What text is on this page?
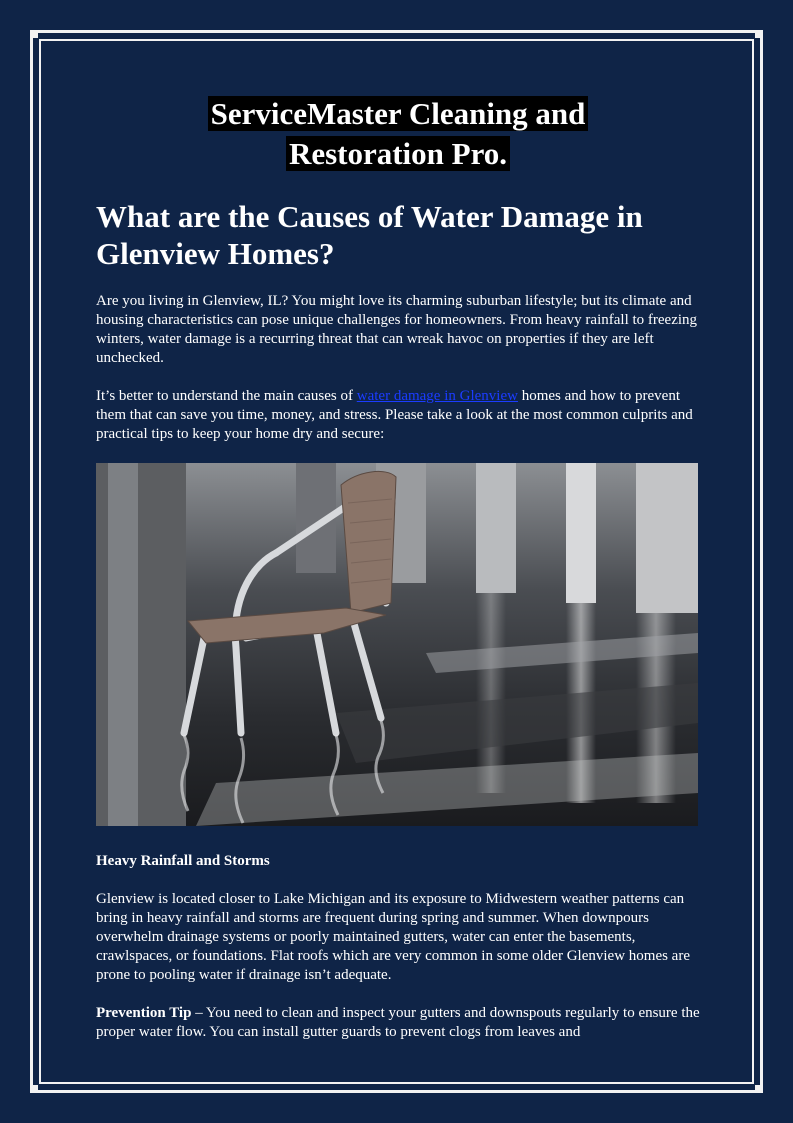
ServiceMaster Cleaning and
Restoration Pro.
What are the Causes of Water Damage in Glenview Homes?

Are you living in Glenview, IL? You might love its charming suburban lifestyle; but its climate and housing characteristics can pose unique challenges for homeowners. From heavy rainfall to freezing winters, water damage is a recurring threat that can wreak havoc on properties if they are left unchecked.

It’s better to understand the main causes of water damage in Glenview homes and how to prevent them that can save you time, money, and stress. Please take a look at the most common culprits and practical tips to keep your home dry and secure:

Heavy Rainfall and Storms

Glenview is located closer to Lake Michigan and its exposure to Midwestern weather patterns can bring in heavy rainfall and storms are frequent during spring and summer. When downpours overwhelm drainage systems or poorly maintained gutters, water can enter the basements, crawlspaces, or foundations. Flat roofs which are very common in some older Glenview homes are prone to pooling water if drainage isn’t adequate.

Prevention Tip – You need to clean and inspect your gutters and downspouts regularly to ensure the proper water flow. You can install gutter guards to prevent clogs from leaves and
